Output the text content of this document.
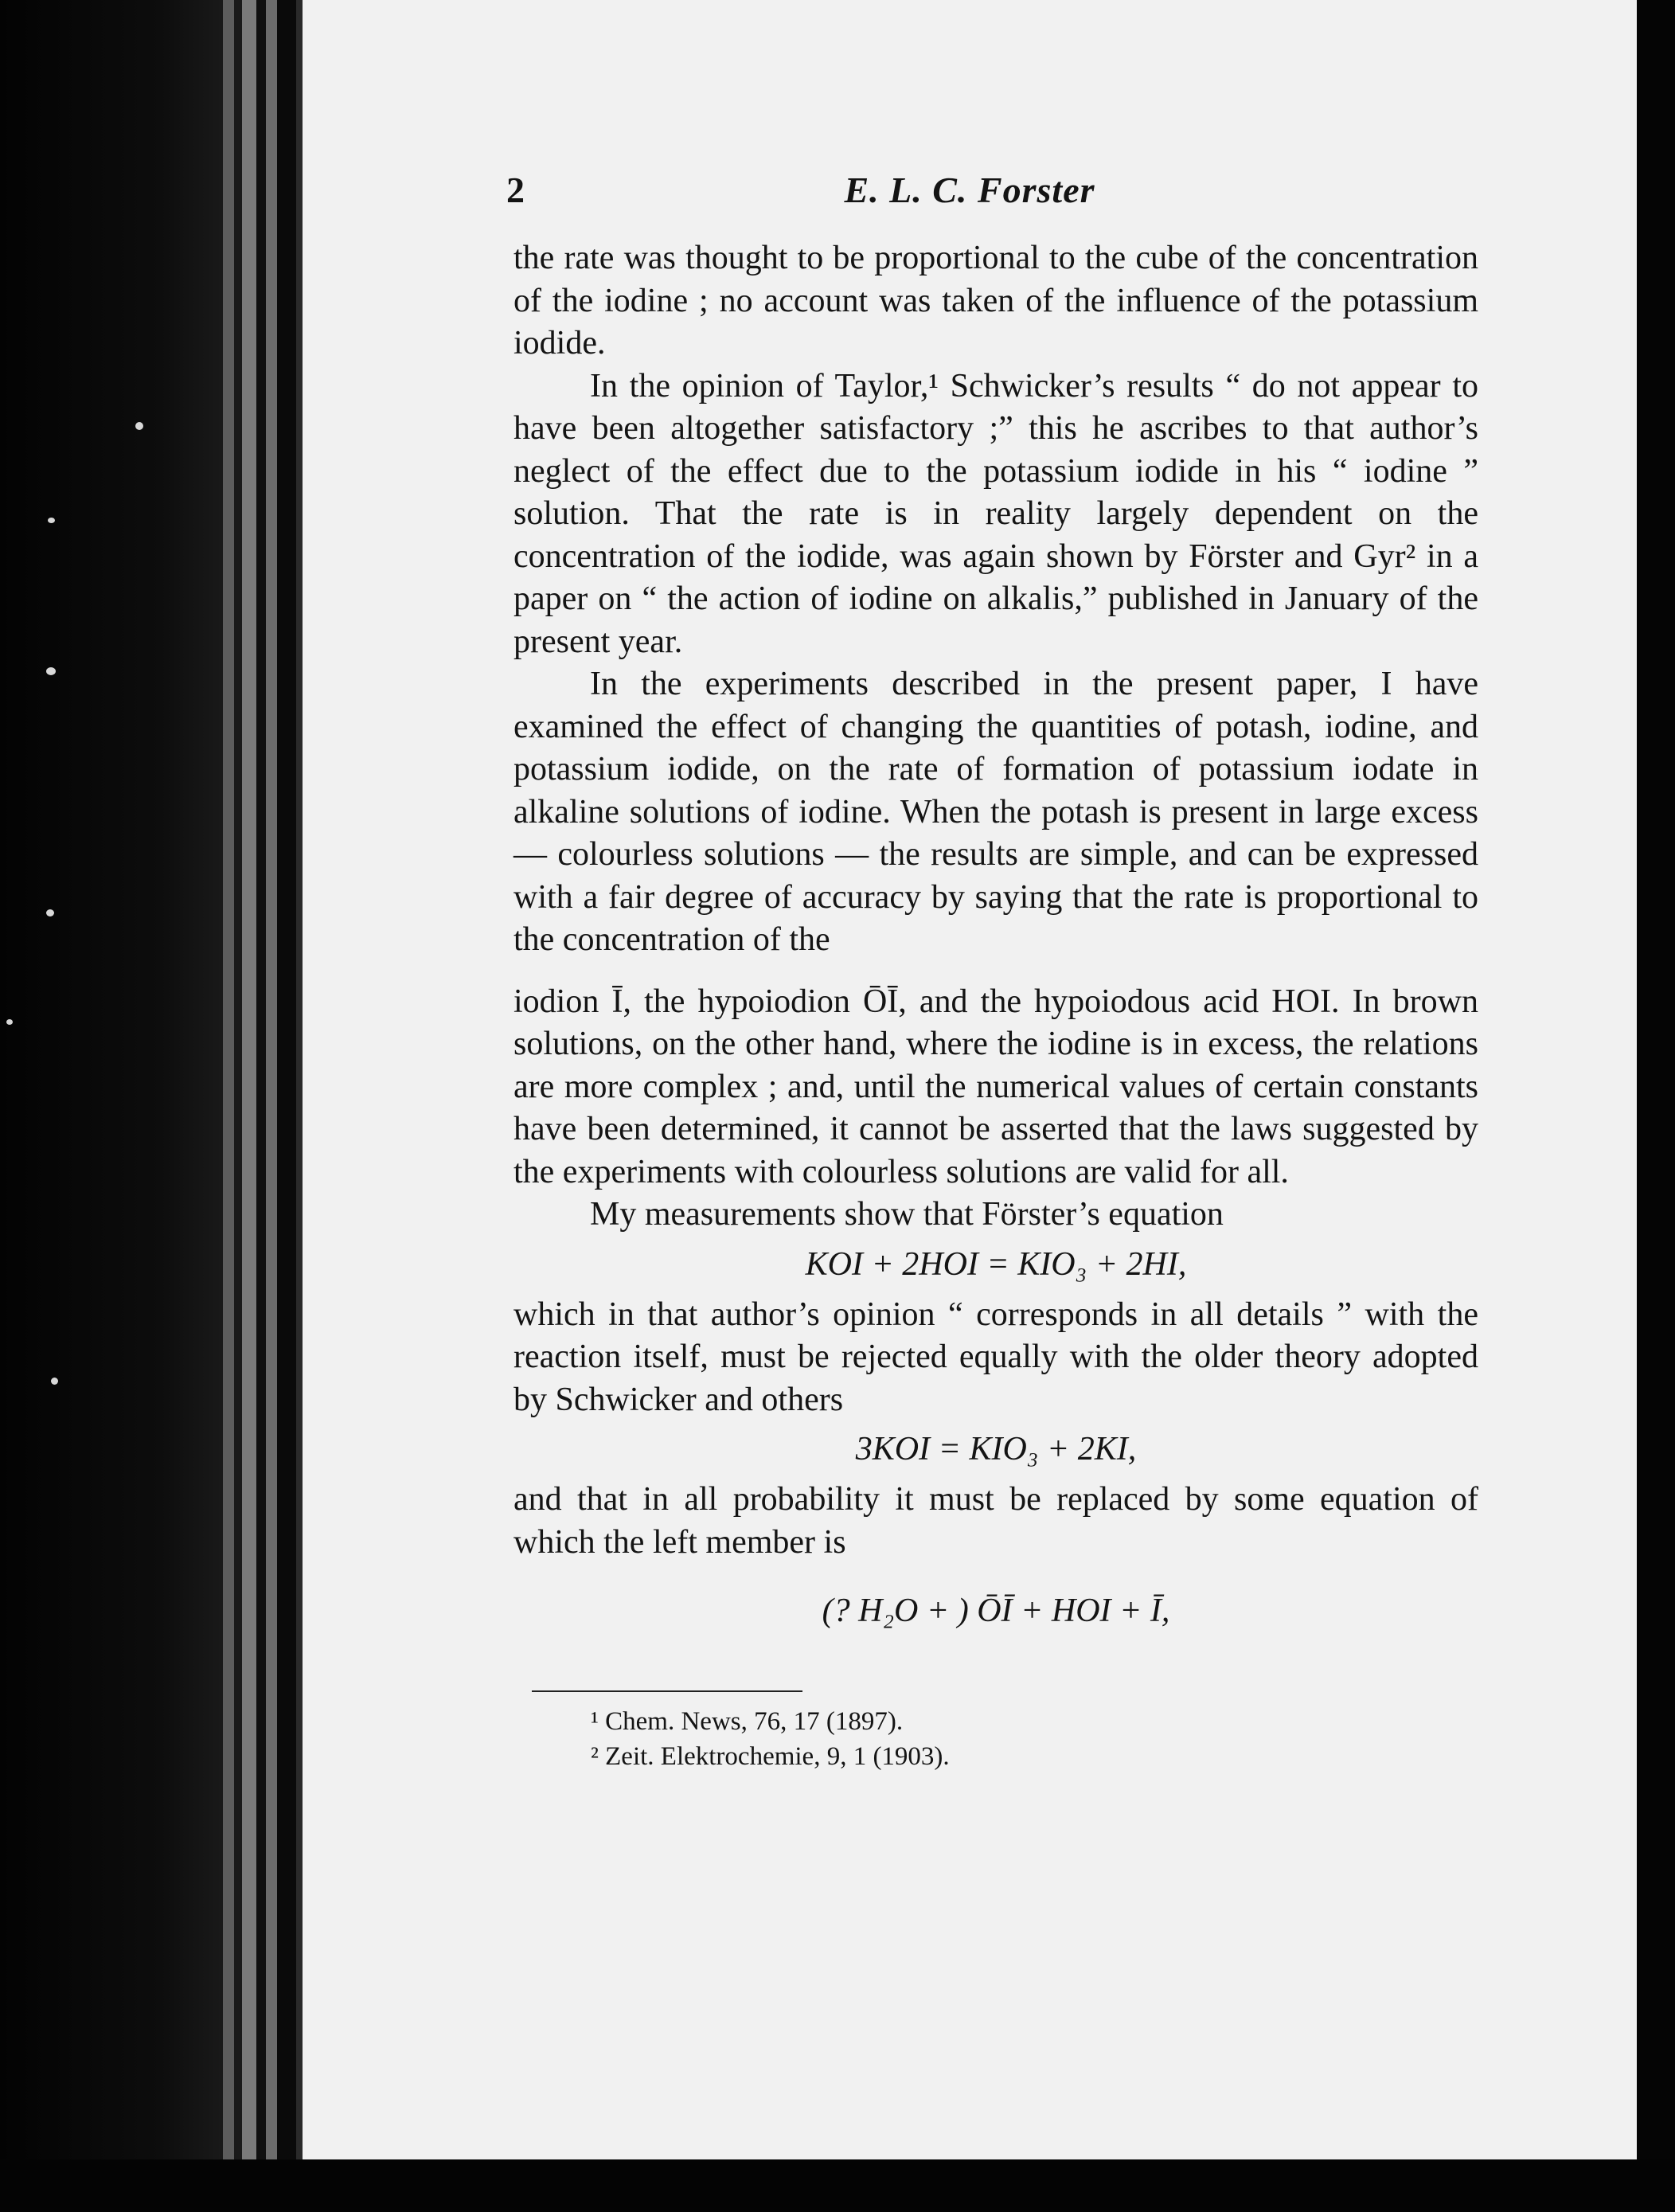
E. L. C. Forster
2

the rate was thought to be proportional to the cube of the concentration of the iodine ; no account was taken of the influence of the potassium iodide.

In the opinion of Taylor,¹ Schwicker’s results “ do not appear to have been altogether satisfactory ;” this he ascribes to that author’s neglect of the effect due to the potassium iodide in his “ iodine ” solution. That the rate is in reality largely dependent on the concentration of the iodide, was again shown by Förster and Gyr² in a paper on “ the action of iodine on alkalis,” published in January of the present year.

In the experiments described in the present paper, I have examined the effect of changing the quantities of potash, iodine, and potassium iodide, on the rate of formation of potassium iodate in alkaline solutions of iodine. When the potash is present in large excess — colourless solutions — the results are simple, and can be expressed with a fair degree of accuracy by saying that the rate is proportional to the concentration of the

iodion Ī, the hypoiodion ŌĪ, and the hypoiodous acid HOI. In brown solutions, on the other hand, where the iodine is in excess, the relations are more complex ; and, until the numerical values of certain constants have been determined, it cannot be asserted that the laws suggested by the experiments with colourless solutions are valid for all.

My measurements show that Förster’s equation

KOI + 2HOI = KIO₃ + 2HI,

which in that author’s opinion “ corresponds in all details ” with the reaction itself, must be rejected equally with the older theory adopted by Schwicker and others

3KOI = KIO₃ + 2KI,

and that in all probability it must be replaced by some equation of which the left member is

(? H₂O + ) ŌĪ + HOI + Ī,
¹ Chem. News, 76, 17 (1897).
² Zeit. Elektrochemie, 9, 1 (1903).
